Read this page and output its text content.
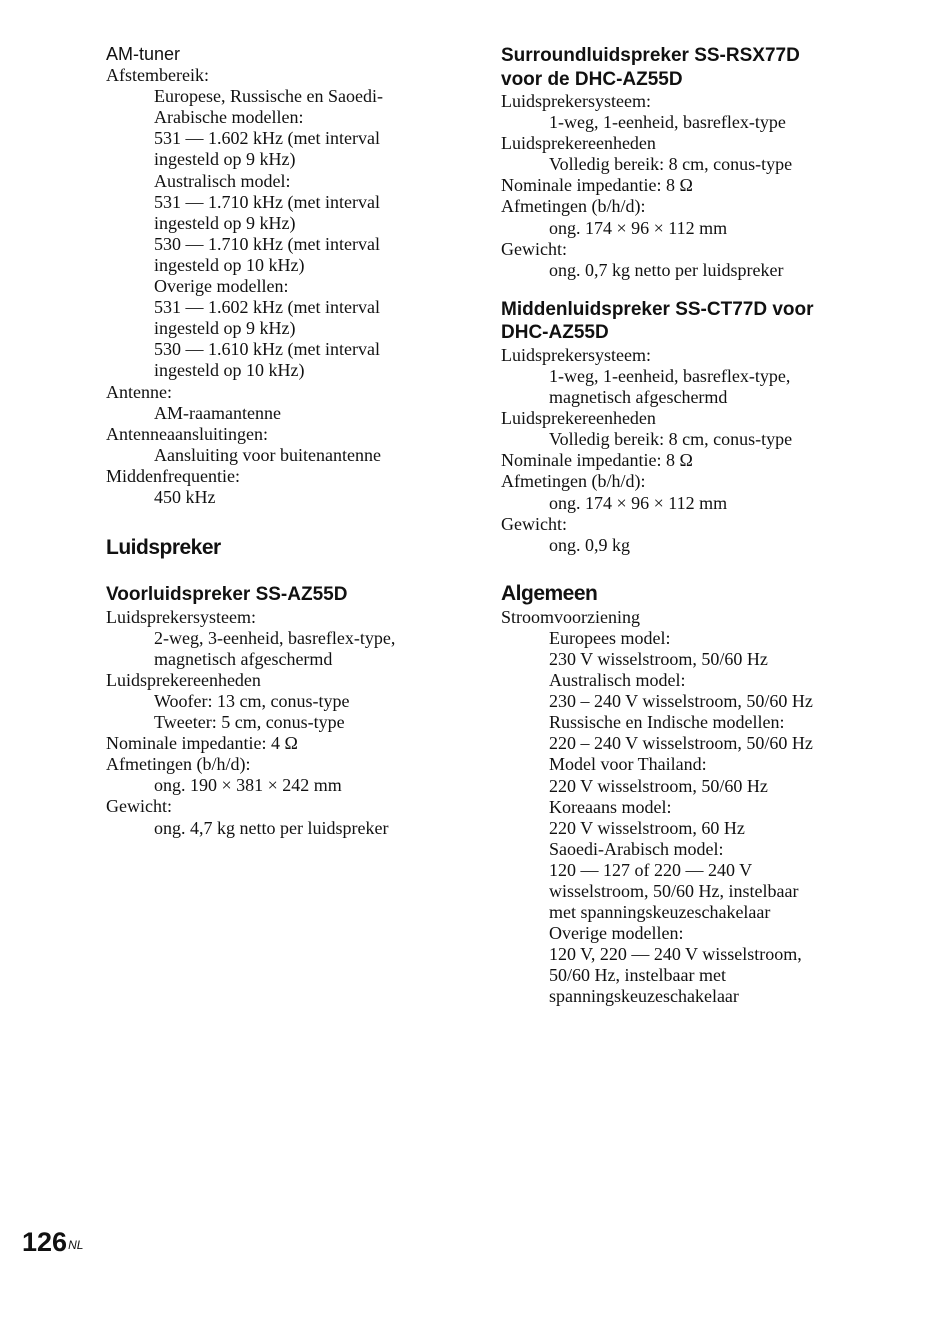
AM-tuner
Afstembereik:
Europese, Russische en Saoedi-
Arabische modellen:
531 — 1.602 kHz (met interval
ingesteld op 9 kHz)
Australisch model:
531 — 1.710 kHz (met interval
ingesteld op 9 kHz)
530 — 1.710 kHz (met interval
ingesteld op 10 kHz)
Overige modellen:
531 — 1.602 kHz (met interval
ingesteld op 9 kHz)
530 — 1.610 kHz (met interval
ingesteld op 10 kHz)
Antenne:
AM-raamantenne
Antenneaansluitingen:
Aansluiting voor buitenantenne
Middenfrequentie:
450 kHz
Luidspreker
Voorluidspreker SS-AZ55D
Luidsprekersysteem:
2-weg, 3-eenheid, basreflex-type,
magnetisch afgeschermd
Luidsprekereenheden
Woofer: 13 cm, conus-type
Tweeter: 5 cm, conus-type
Nominale impedantie: 4 Ω
Afmetingen (b/h/d):
ong. 190 × 381 × 242 mm
Gewicht:
ong. 4,7 kg netto per luidspreker
Surroundluidspreker SS-RSX77D
voor de DHC-AZ55D
Luidsprekersysteem:
1-weg, 1-eenheid, basreflex-type
Luidsprekereenheden
Volledig bereik: 8 cm, conus-type
Nominale impedantie: 8 Ω
Afmetingen (b/h/d):
ong. 174 × 96 × 112 mm
Gewicht:
ong. 0,7 kg netto per luidspreker
Middenluidspreker SS-CT77D voor
DHC-AZ55D
Luidsprekersysteem:
1-weg, 1-eenheid, basreflex-type,
magnetisch afgeschermd
Luidsprekereenheden
Volledig bereik: 8 cm, conus-type
Nominale impedantie: 8 Ω
Afmetingen (b/h/d):
ong. 174 × 96 × 112 mm
Gewicht:
ong. 0,9 kg
Algemeen
Stroomvoorziening
Europees model:
230 V wisselstroom, 50/60 Hz
Australisch model:
230 – 240 V wisselstroom, 50/60 Hz
Russische en Indische modellen:
220 – 240 V wisselstroom, 50/60 Hz
Model voor Thailand:
220 V wisselstroom, 50/60 Hz
Koreaans model:
220 V wisselstroom, 60 Hz
Saoedi-Arabisch model:
120 — 127 of 220 — 240 V
wisselstroom, 50/60 Hz, instelbaar
met spanningskeuzeschakelaar
Overige modellen:
120 V, 220 — 240 V wisselstroom,
50/60 Hz, instelbaar met
spanningskeuzeschakelaar
$126^{NL}$
